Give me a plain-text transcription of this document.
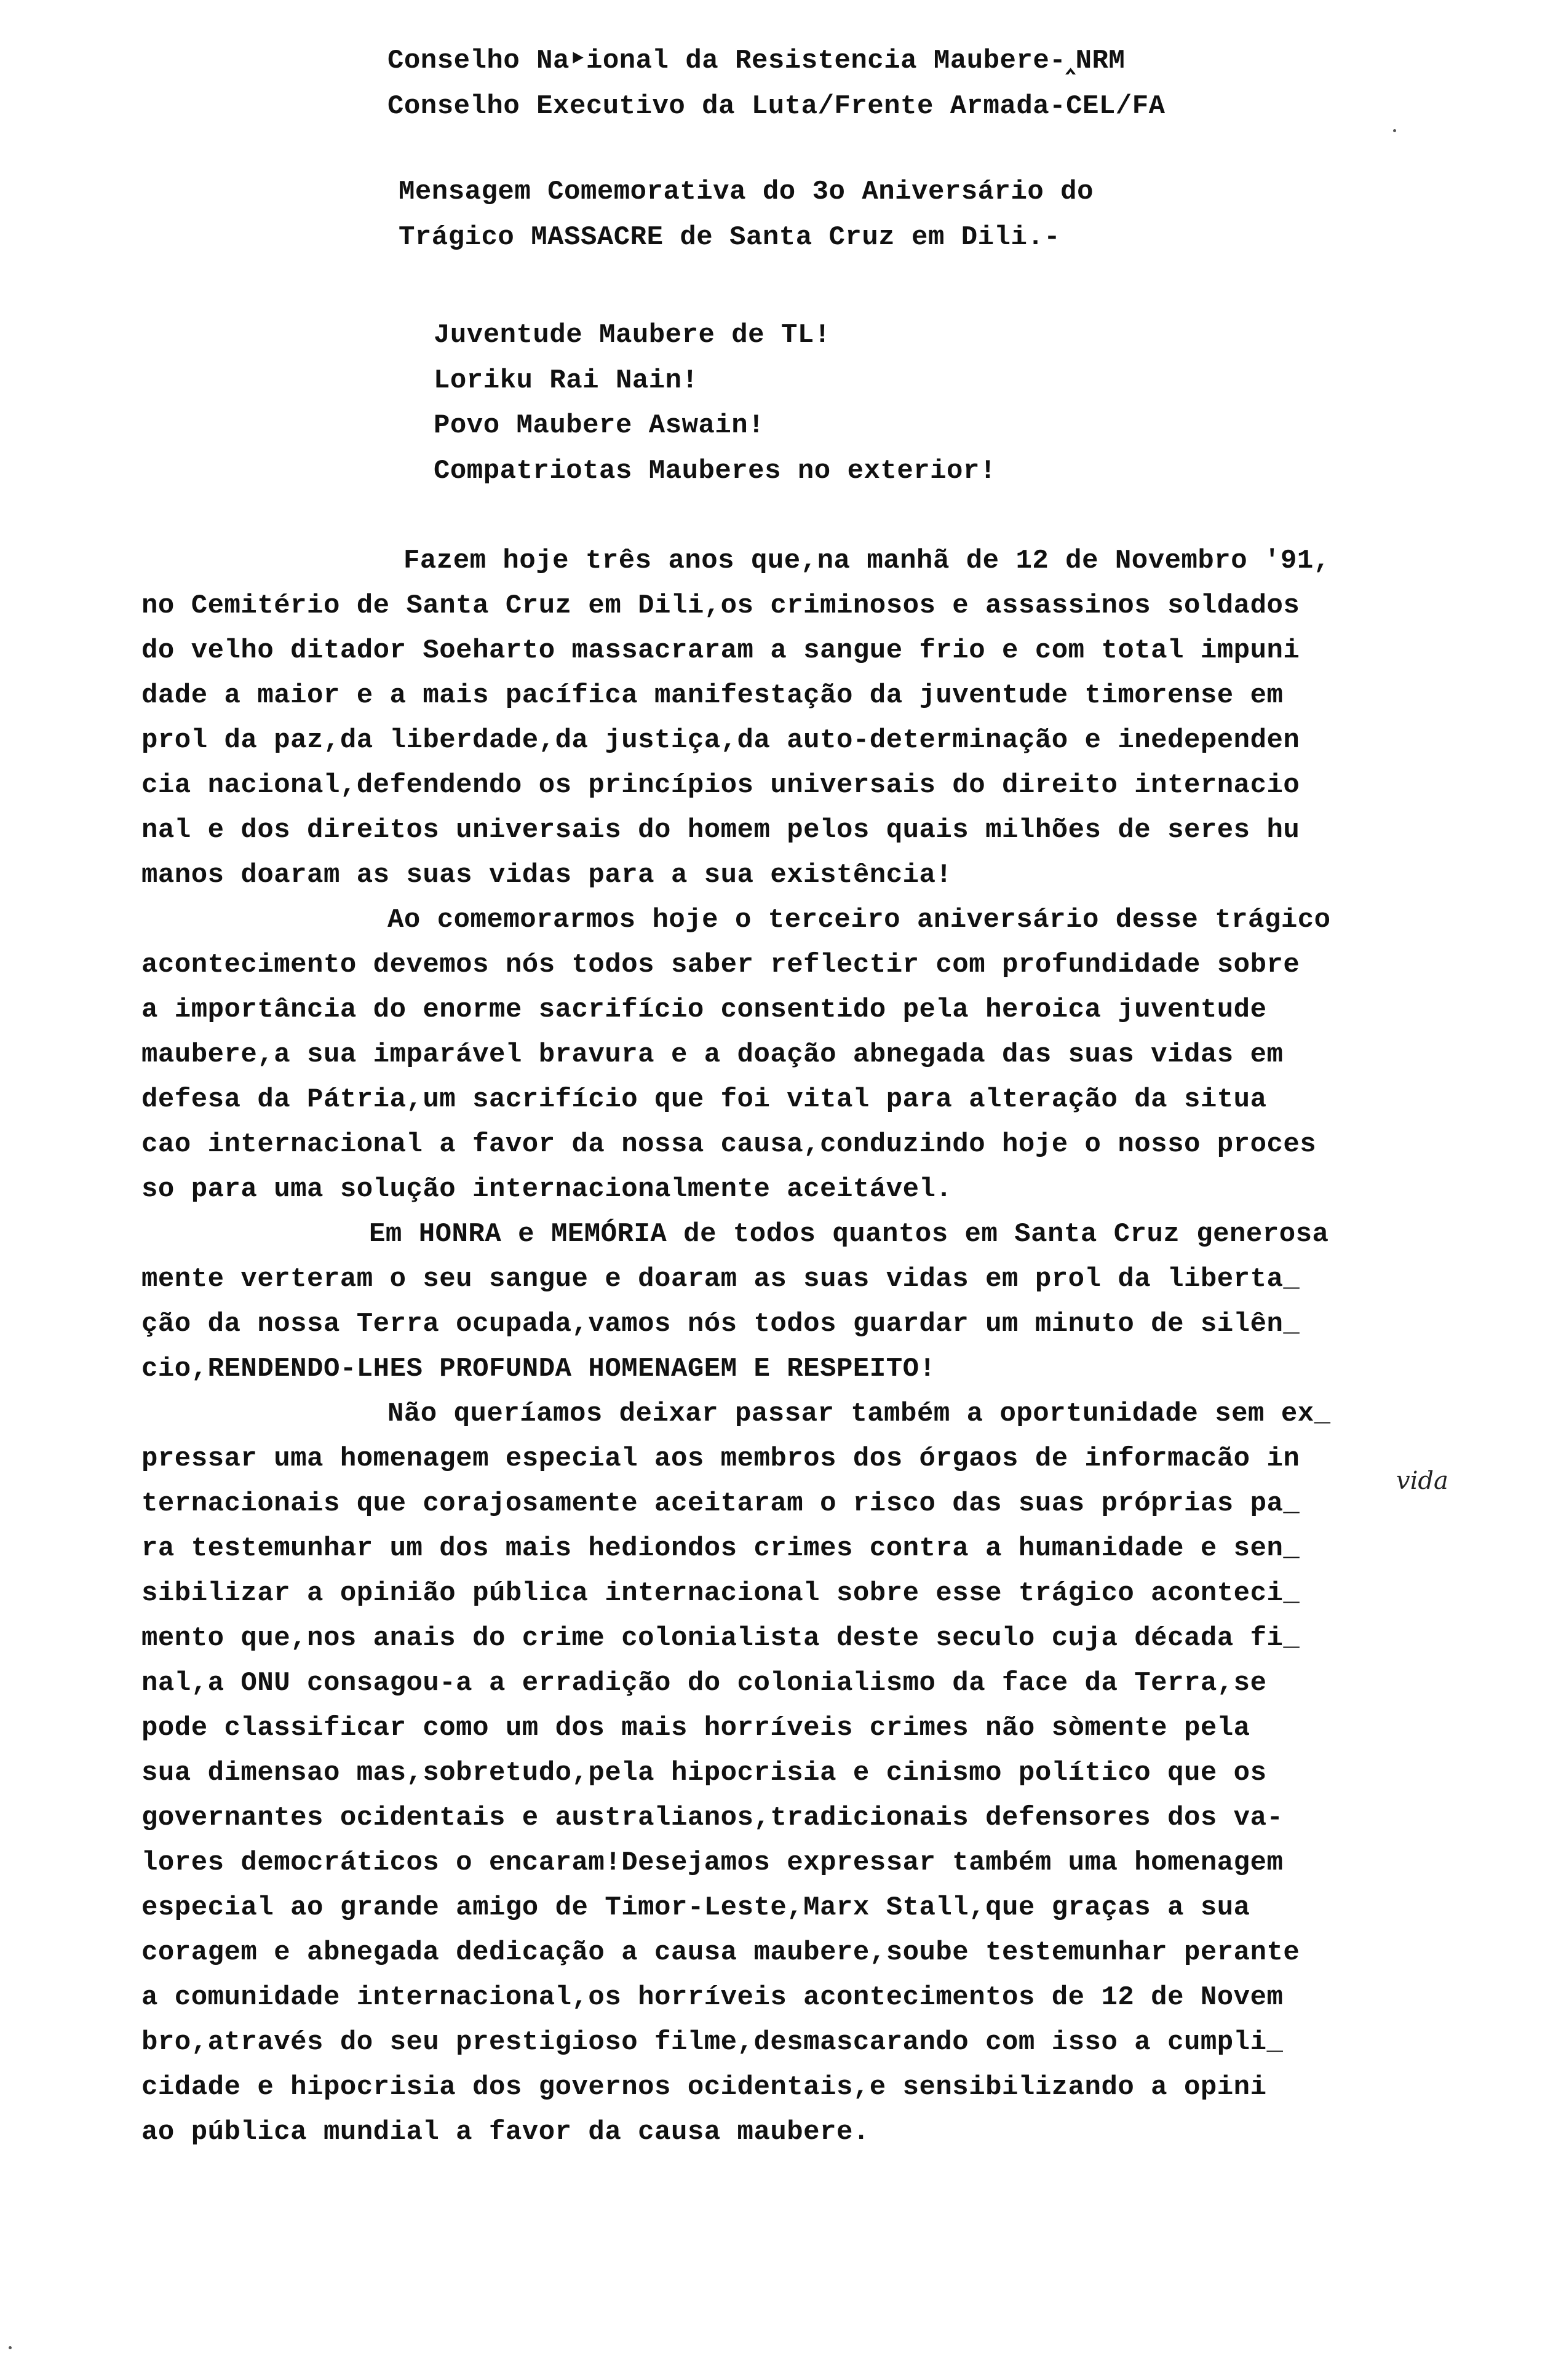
Conselho Na‣ional da Resistencia Maubere-‸NRM
Conselho Executivo da Luta/Frente Armada-CEL/FA
Mensagem Comemorativa do 3o Aniversário do
Trágico MASSACRE de Santa Cruz em Dili.-
Juventude Maubere de TL!
Loriku Rai Nain!
Povo Maubere Aswain!
Compatriotas Mauberes no exterior!
Fazem hoje três anos que,na manhã de 12 de Novembro '91,
no Cemitério de Santa Cruz em Dili,os criminosos e assassinos soldados
do velho ditador Soeharto massacraram a sangue frio e com total impuni
dade a maior e a mais pacífica manifestação da juventude timorense em
prol da paz,da liberdade,da justiça,da auto-determinação e inedependen
cia nacional,defendendo os princípios universais do direito internacio
nal e dos direitos universais do homem pelos quais milhões de seres hu
manos doaram as suas vidas para a sua existência!
Ao comemorarmos hoje o terceiro aniversário desse trágico
acontecimento devemos nós todos saber reflectir com profundidade sobre
a importância do enorme sacrifício consentido pela heroica juventude
maubere,a sua imparável bravura e a doação abnegada das suas vidas em
defesa da Pátria,um sacrifício que foi vital para alteração da situa
cao internacional a favor da nossa causa,conduzindo hoje o nosso proces
so para uma solução internacionalmente aceitável.
Em HONRA e MEMÓRIA de todos quantos em Santa Cruz generosa
mente verteram o seu sangue e doaram as suas vidas em prol da liberta_
ção da nossa Terra ocupada,vamos nós todos guardar um minuto de silên_
cio,RENDENDO-LHES PROFUNDA HOMENAGEM E RESPEITO!
Não queríamos deixar passar também a oportunidade sem ex_
pressar uma homenagem especial aos membros dos órgaos de informacão in
ternacionais que corajosamente aceitaram o risco das suas próprias pa_
ra testemunhar um dos mais hediondos crimes contra a humanidade e sen_
sibilizar a opinião pública internacional sobre esse trágico aconteci_
mento que,nos anais do crime colonialista deste seculo cuja década fi_
nal,a ONU consagou-a a erradição do colonialismo da face da Terra,se
pode classificar como um dos mais horríveis crimes não sòmente pela
sua dimensao mas,sobretudo,pela hipocrisia e cinismo político que os
governantes ocidentais e australianos,tradicionais defensores dos va-
lores democráticos o encaram!Desejamos expressar também uma homenagem
especial ao grande amigo de Timor-Leste,Marx Stall,que graças a sua
coragem e abnegada dedicação a causa maubere,soube testemunhar perante
a comunidade internacional,os horríveis acontecimentos de 12 de Novem
bro,através do seu prestigioso filme,desmascarando com isso a cumpli_
cidade e hipocrisia dos governos ocidentais,e sensibilizando a opini
ao pública mundial a favor da causa maubere.
vida
